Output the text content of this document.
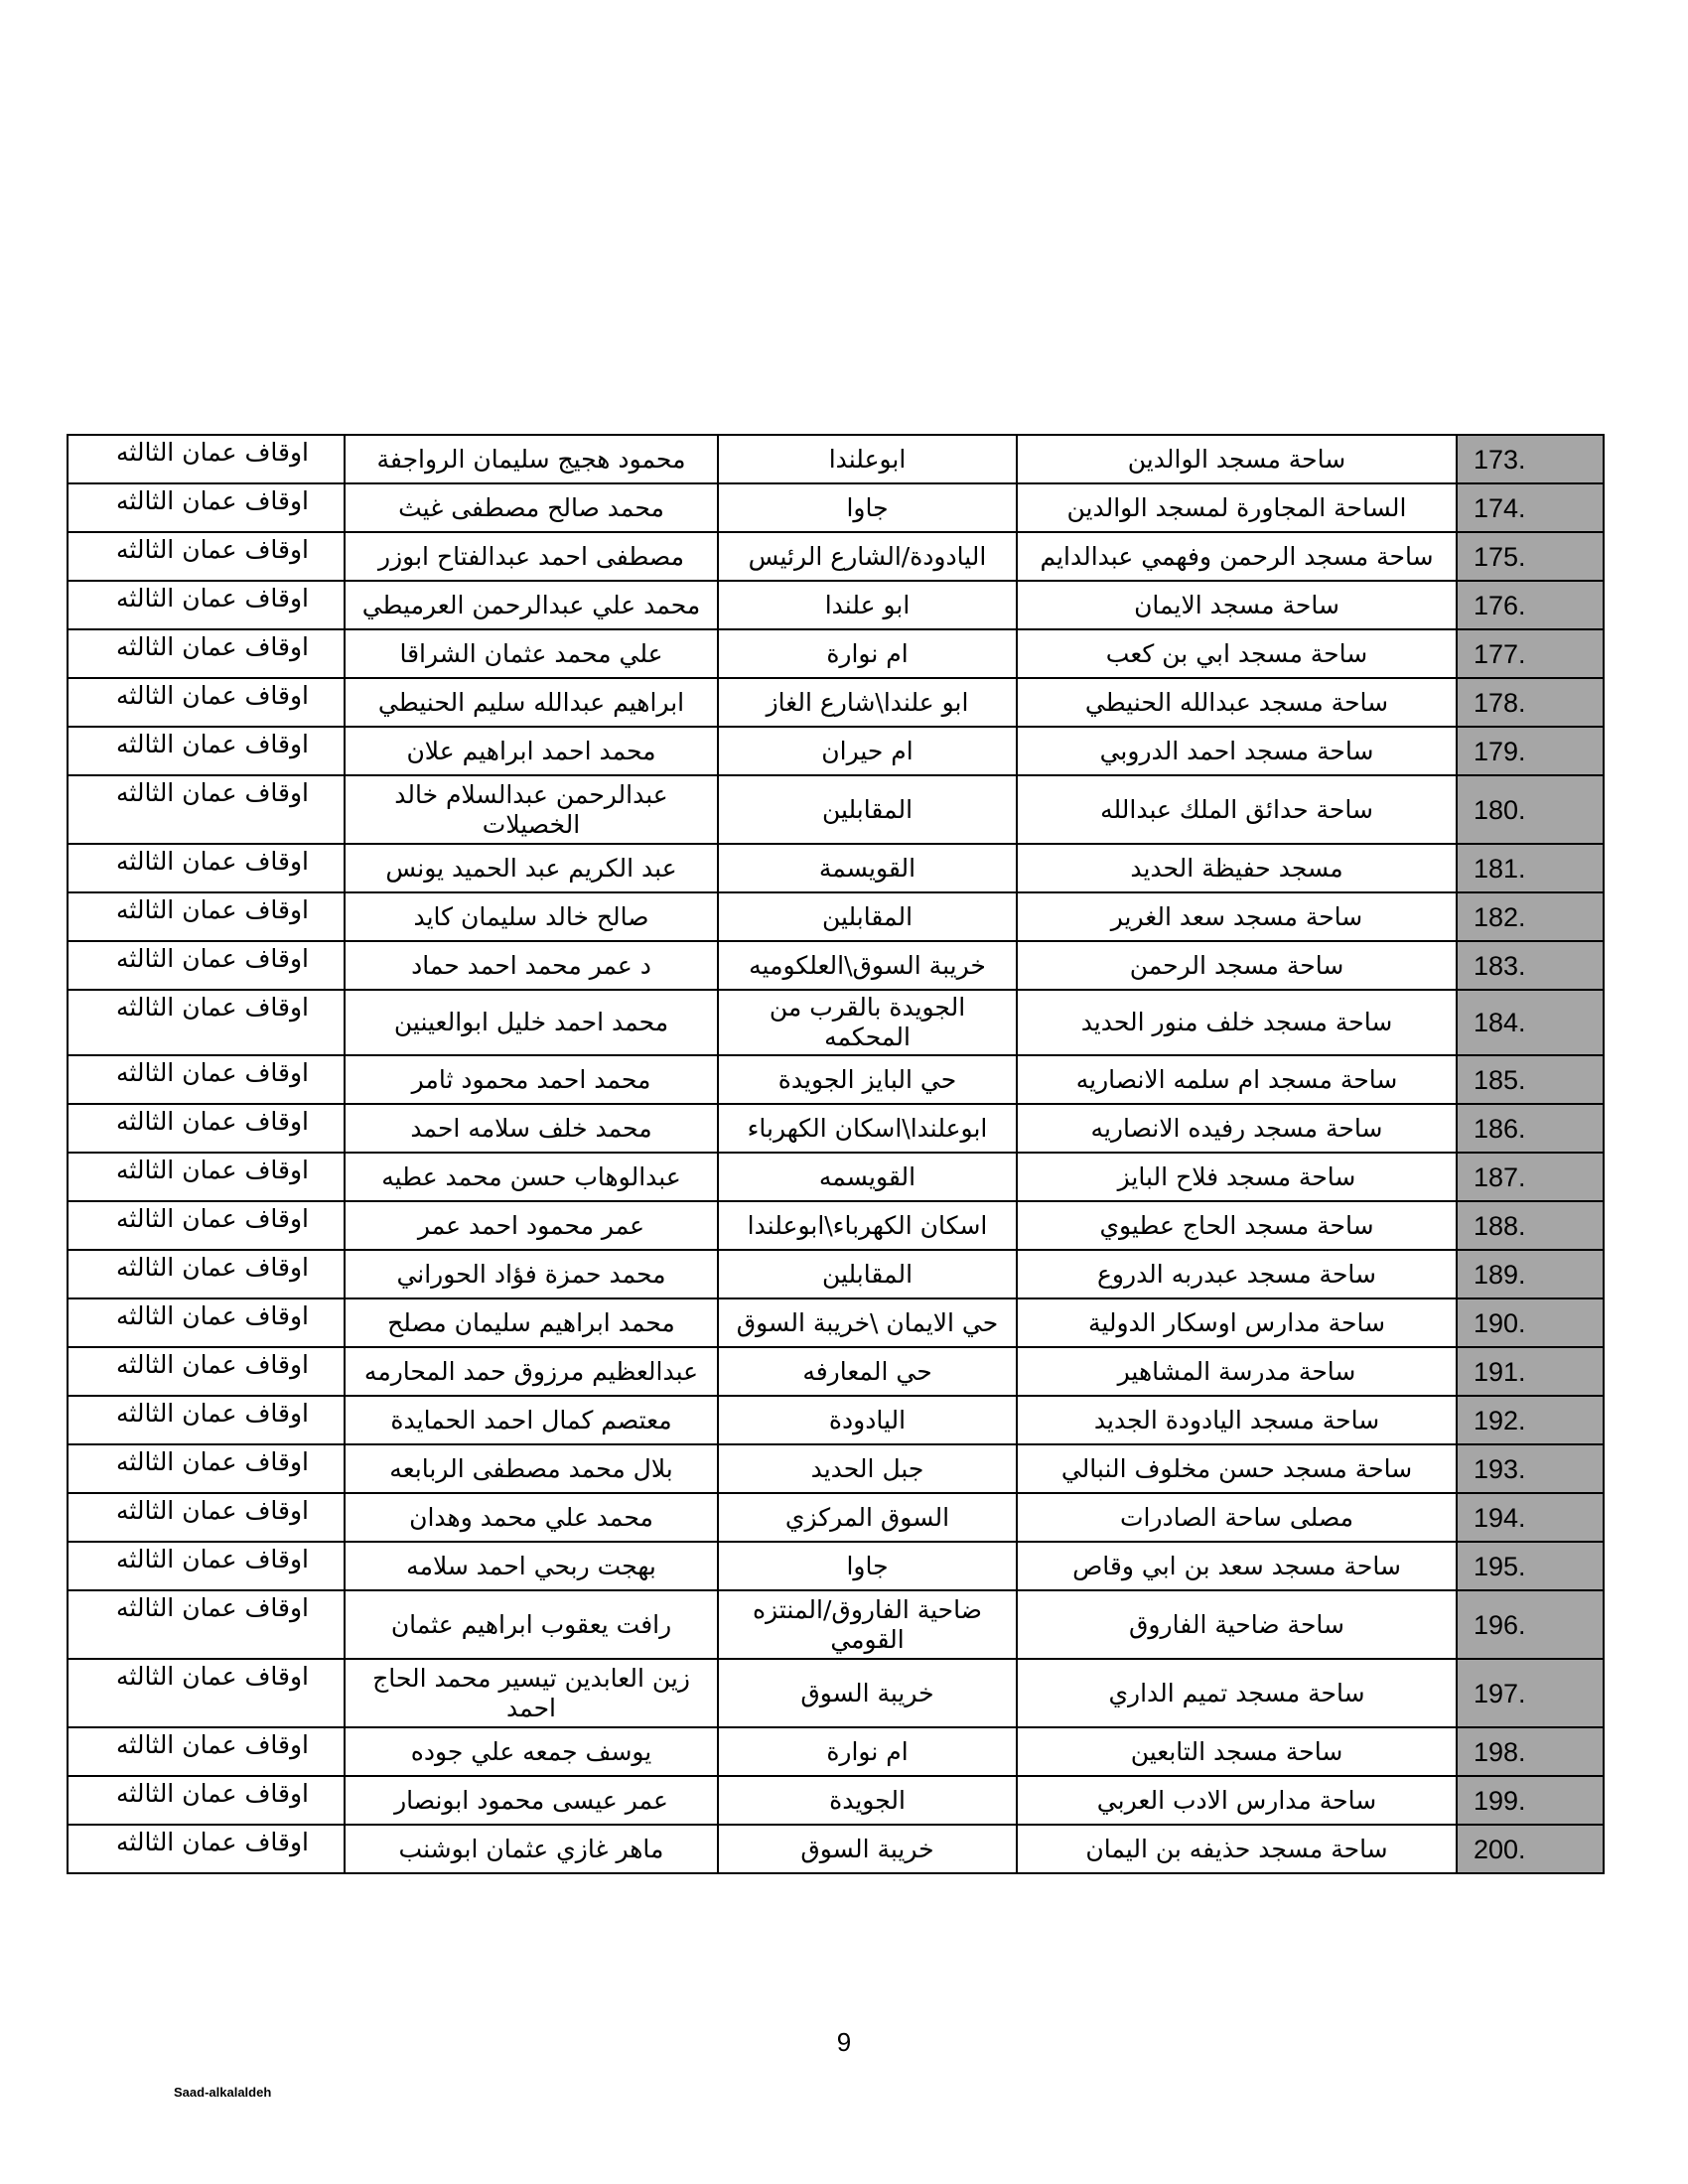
اوقاف عمان الثالثه	محمود هجيج سليمان الرواجفة	ابوعلندا	ساحة مسجد الوالدين	173.
اوقاف عمان الثالثه	محمد صالح مصطفى غيث	جاوا	الساحة المجاورة لمسجد الوالدين	174.
اوقاف عمان الثالثه	مصطفى احمد عبدالفتاح ابوزر	اليادودة/الشارع الرئيس	ساحة مسجد الرحمن وفهمي عبدالدايم	175.
اوقاف عمان الثالثه	محمد علي عبدالرحمن العرميطي	ابو علندا	ساحة مسجد الايمان	176.
اوقاف عمان الثالثه	علي محمد عثمان الشراقا	ام نوارة	ساحة مسجد ابي بن كعب	177.
اوقاف عمان الثالثه	ابراهيم عبدالله سليم الحنيطي	ابو علندا\شارع الغاز	ساحة مسجد عبدالله الحنيطي	178.
اوقاف عمان الثالثه	محمد احمد ابراهيم علان	ام حيران	ساحة مسجد احمد الدروبي	179.
اوقاف عمان الثالثه	عبدالرحمن عبدالسلام خالد الخصيلات	المقابلين	ساحة حدائق الملك عبدالله	180.
اوقاف عمان الثالثه	عبد الكريم عبد الحميد يونس	القويسمة	مسجد حفيظة الحديد	181.
اوقاف عمان الثالثه	صالح خالد سليمان كايد	المقابلين	ساحة مسجد سعد الغرير	182.
اوقاف عمان الثالثه	د عمر محمد احمد حماد	خريبة السوق\العلكوميه	ساحة مسجد الرحمن	183.
اوقاف عمان الثالثه	محمد احمد خليل ابوالعينين	الجويدة بالقرب من المحكمه	ساحة مسجد خلف منور الحديد	184.
اوقاف عمان الثالثه	محمد احمد محمود ثامر	حي البايز الجويدة	ساحة مسجد ام سلمه الانصاريه	185.
اوقاف عمان الثالثه	محمد خلف سلامه احمد	ابوعلندا\اسكان الكهرباء	ساحة مسجد رفيده الانصاريه	186.
اوقاف عمان الثالثه	عبدالوهاب حسن محمد عطيه	القويسمه	ساحة مسجد فلاح البايز	187.
اوقاف عمان الثالثه	عمر محمود احمد عمر	اسكان الكهرباء\ابوعلندا	ساحة مسجد الحاج عطيوي	188.
اوقاف عمان الثالثه	محمد حمزة فؤاد الحوراني	المقابلين	ساحة مسجد عبدربه الدروع	189.
اوقاف عمان الثالثه	محمد ابراهيم سليمان مصلح	حي الايمان \خريبة السوق	ساحة مدارس اوسكار الدولية	190.
اوقاف عمان الثالثه	عبدالعظيم مرزوق حمد المحارمه	حي المعارفه	ساحة مدرسة المشاهير	191.
اوقاف عمان الثالثه	معتصم كمال احمد الحمايدة	اليادودة	ساحة مسجد اليادودة الجديد	192.
اوقاف عمان الثالثه	بلال محمد مصطفى الربابعه	جبل الحديد	ساحة مسجد حسن مخلوف النبالي	193.
اوقاف عمان الثالثه	محمد علي محمد وهدان	السوق المركزي	مصلى ساحة الصادرات	194.
اوقاف عمان الثالثه	بهجت ربحي احمد سلامه	جاوا	ساحة مسجد سعد بن ابي وقاص	195.
اوقاف عمان الثالثه	رافت يعقوب ابراهيم عثمان	ضاحية الفاروق/المنتزه القومي	ساحة ضاحية الفاروق	196.
اوقاف عمان الثالثه	زين العابدين تيسير محمد الحاج احمد	خريبة السوق	ساحة مسجد تميم الداري	197.
اوقاف عمان الثالثه	يوسف جمعه علي جوده	ام نوارة	ساحة مسجد التابعين	198.
اوقاف عمان الثالثه	عمر عيسى محمود ابونصار	الجويدة	ساحة مدارس الادب العربي	199.
اوقاف عمان الثالثه	ماهر غازي عثمان ابوشنب	خريبة السوق	ساحة مسجد حذيفه بن اليمان	200.
9
Saad-alkalaldeh
